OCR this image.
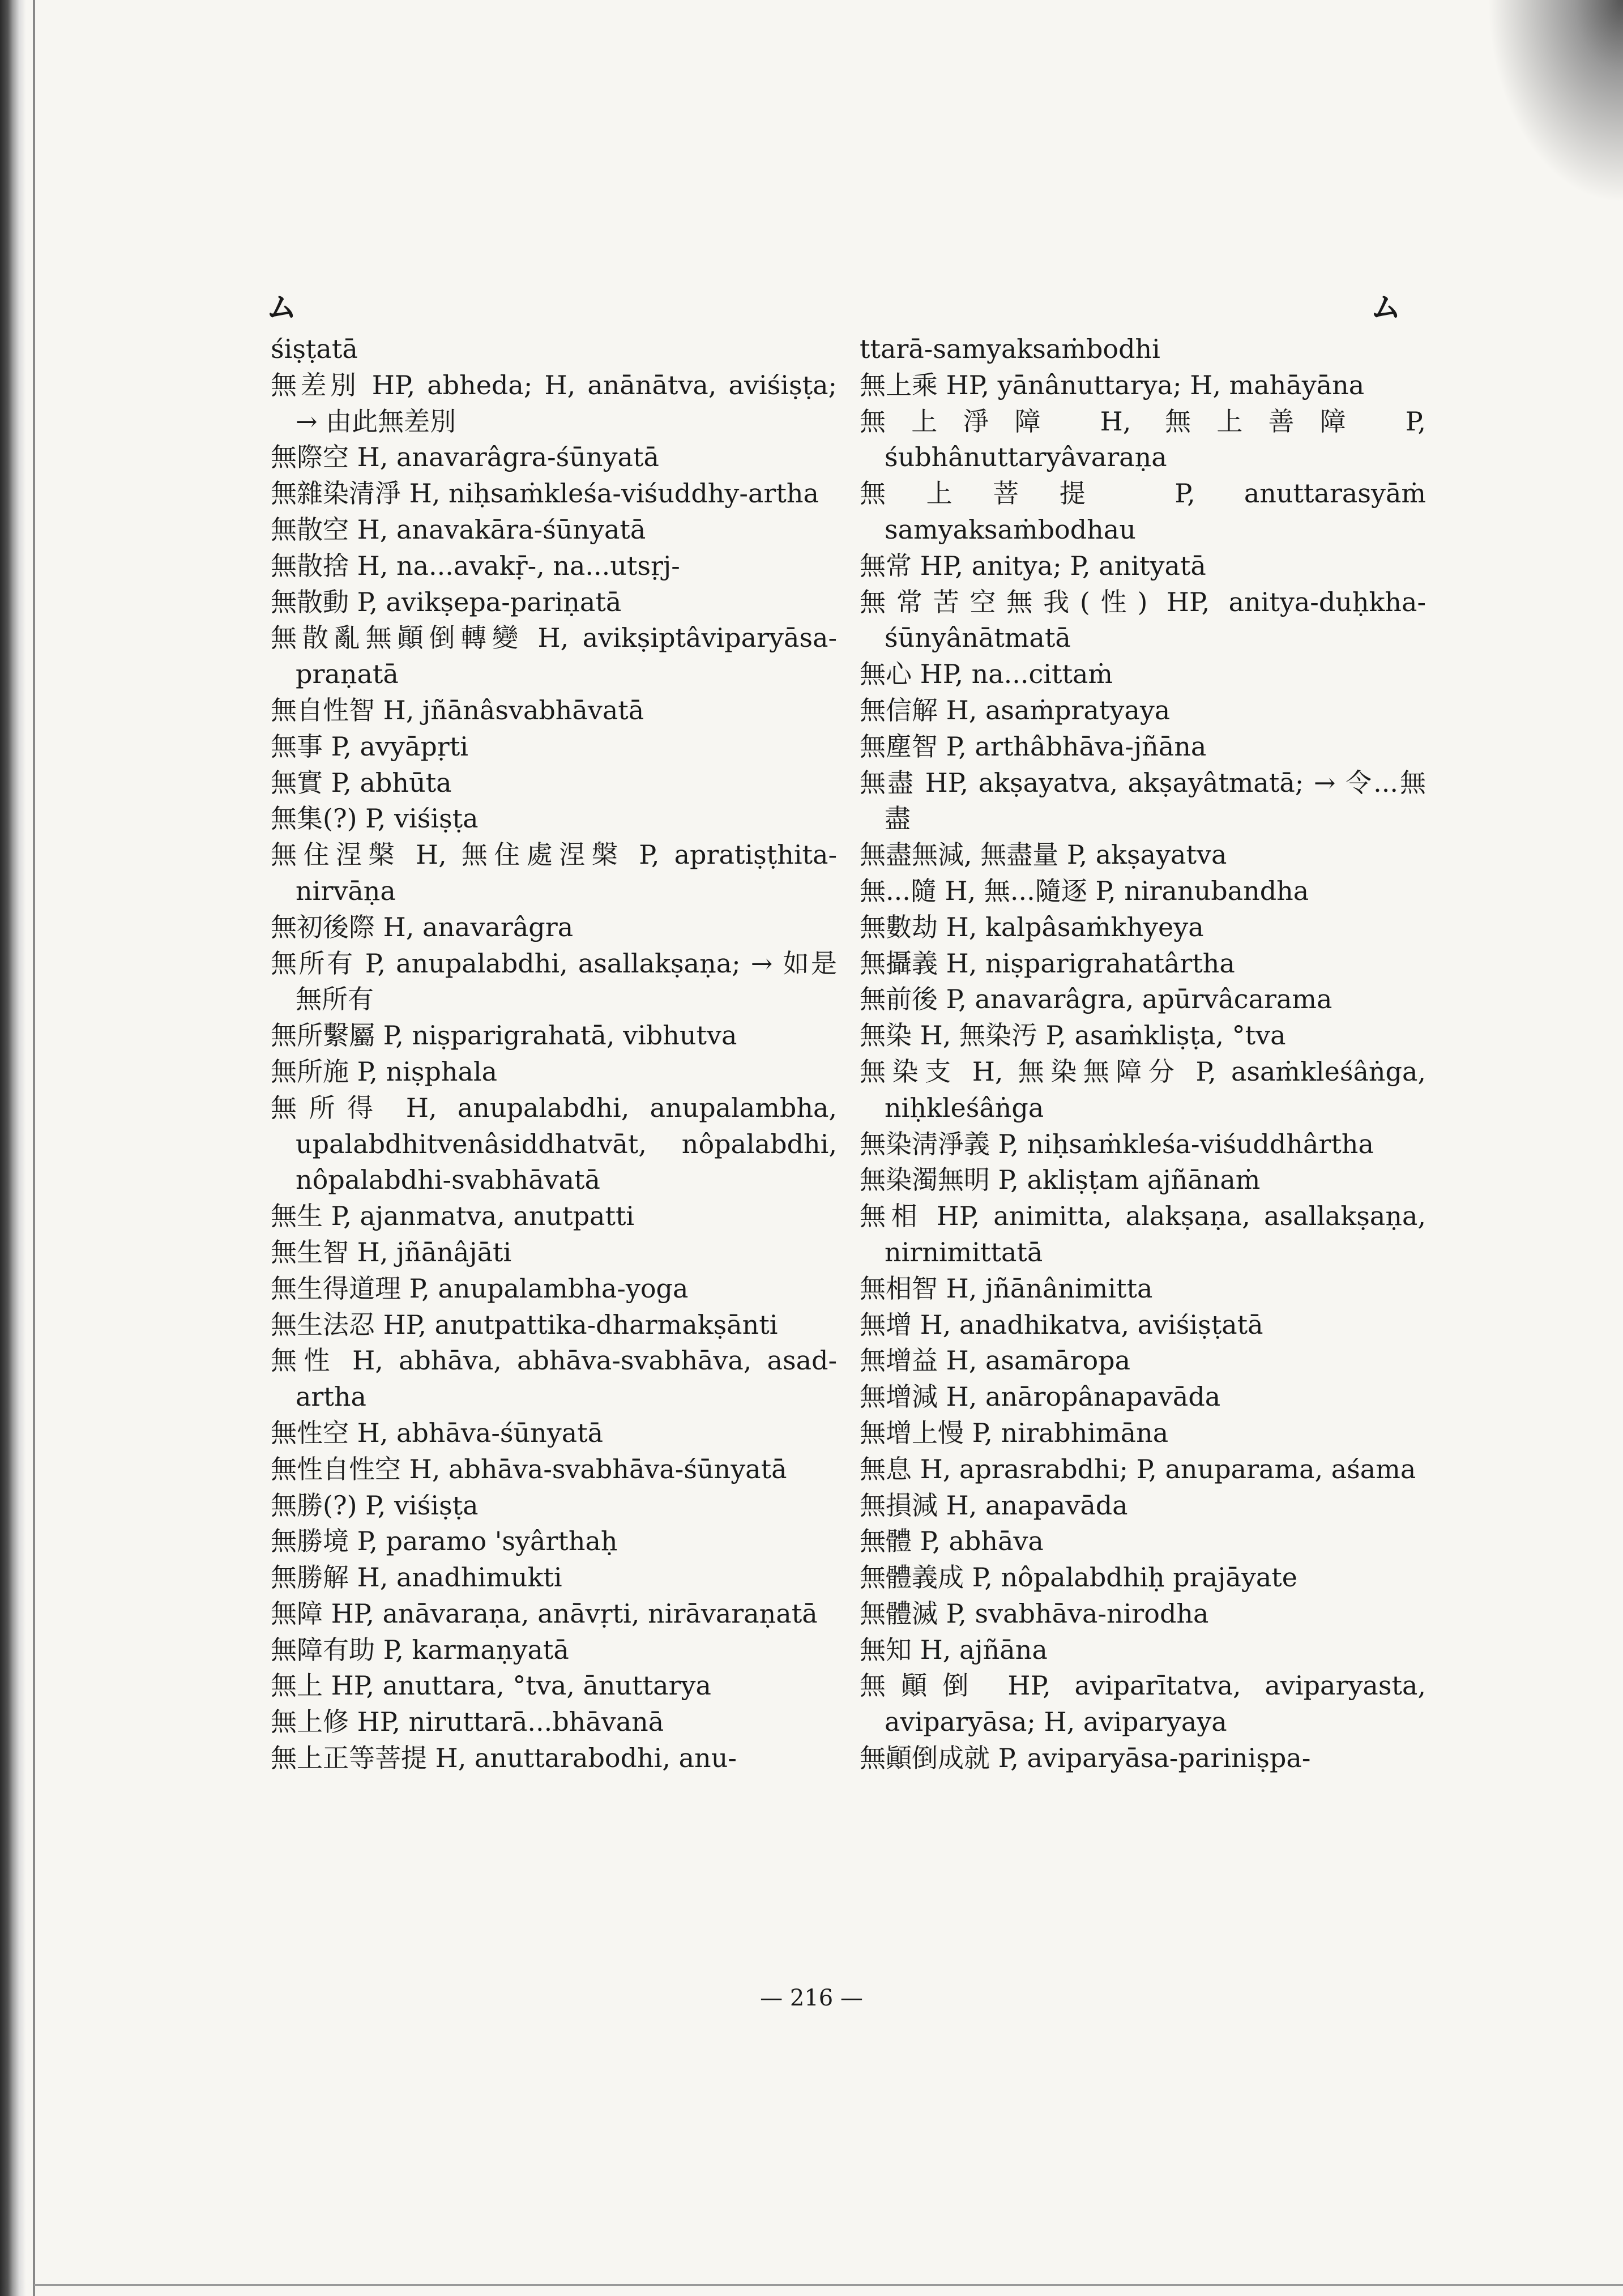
ム	ム
śiṣṭatā
無差別 HP, abheda; H, anānātva, aviśiṣṭa; → 由此無差別
無際空 H, anavarâgra-śūnyatā
無雜染清淨 H, niḥsaṁkleśa-viśuddhy-artha
無散空 H, anavakāra-śūnyatā
無散捨 H, na...avakṝ-, na...utsṛj-
無散動 P, avikṣepa-pariṇatā
無散亂無顚倒轉變 H, avikṣiptâviparyāsa-praṇatā
無自性智 H, jñānâsvabhāvatā
無事 P, avyāpṛti
無實 P, abhūta
無集(?) P, viśiṣṭa
無住涅槃 H, 無住處涅槃 P, apratiṣṭhita-nirvāṇa
無初後際 H, anavarâgra
無所有 P, anupalabdhi, asallakṣaṇa; → 如是無所有
無所繫屬 P, niṣparigrahatā, vibhutva
無所施 P, niṣphala
無所得 H, anupalabdhi, anupalambha, upalabdhitvenâsiddhatvāt, nôpalabdhi, nôpalabdhi-svabhāvatā
無生 P, ajanmatva, anutpatti
無生智 H, jñānâjāti
無生得道理 P, anupalambha-yoga
無生法忍 HP, anutpattika-dharmakṣānti
無性 H, abhāva, abhāva-svabhāva, asad-artha
無性空 H, abhāva-śūnyatā
無性自性空 H, abhāva-svabhāva-śūnyatā
無勝(?) P, viśiṣṭa
無勝境 P, paramo 'syârthaḥ
無勝解 H, anadhimukti
無障 HP, anāvaraṇa, anāvṛti, nirāvaraṇatā
無障有助 P, karmaṇyatā
無上 HP, anuttara, °tva, ānuttarya
無上修 HP, niruttarā...bhāvanā
無上正等菩提 H, anuttarabodhi, anu-
ttarā-samyaksaṁbodhi
無上乘 HP, yānânuttarya; H, mahāyāna
無上淨障 H, 無上善障 P, śubhânuttaryâvaraṇa
無上菩提 P, anuttarasyāṁ samyaksaṁbodhau
無常 HP, anitya; P, anityatā
無常苦空無我(性) HP, anitya-duḥkha-śūnyânātmatā
無心 HP, na...cittaṁ
無信解 H, asaṁpratyaya
無塵智 P, arthâbhāva-jñāna
無盡 HP, akṣayatva, akṣayâtmatā; → 令...無盡
無盡無減, 無盡量 P, akṣayatva
無...隨 H, 無...隨逐 P, niranubandha
無數劫 H, kalpâsaṁkhyeya
無攝義 H, niṣparigrahatârtha
無前後 P, anavarâgra, apūrvâcarama
無染 H, 無染汚 P, asaṁkliṣṭa, °tva
無染支 H, 無染無障分 P, asaṁkleśâṅga, niḥkleśâṅga
無染淸淨義 P, niḥsaṁkleśa-viśuddhârtha
無染濁無明 P, akliṣṭam ajñānaṁ
無相 HP, animitta, alakṣaṇa, asallakṣaṇa, nirnimittatā
無相智 H, jñānânimitta
無增 H, anadhikatva, aviśiṣṭatā
無增益 H, asamāropa
無增減 H, anāropânapavāda
無增上慢 P, nirabhimāna
無息 H, aprasrabdhi; P, anuparama, aśama
無損減 H, anapavāda
無體 P, abhāva
無體義成 P, nôpalabdhiḥ prajāyate
無體滅 P, svabhāva-nirodha
無知 H, ajñāna
無顚倒 HP, aviparītatva, aviparyasta, aviparyāsa; H, aviparyaya
無顚倒成就 P, aviparyāsa-pariniṣpa-
— 216 —
